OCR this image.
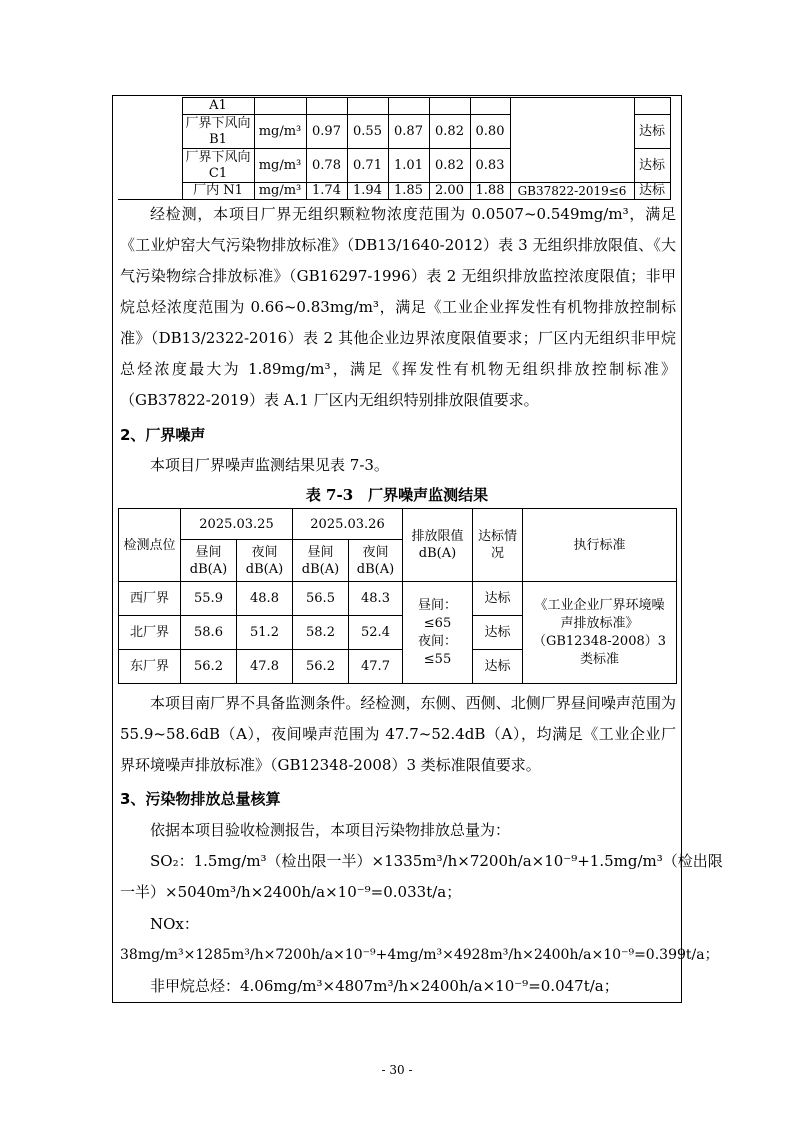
	A1								
	厂界下风向B1	mg/m³	0.97	0.55	0.87	0.82	0.80		达标
	厂界下风向C1	mg/m³	0.78	0.71	1.01	0.82	0.83		达标
	厂内 N1	mg/m³	1.74	1.94	1.85	2.00	1.88	GB37822-2019≤6	达标

经检测，本项目厂界无组织颗粒物浓度范围为 0.0507~0.549mg/m³，满足《工业炉窑大气污染物排放标准》（DB13/1640-2012）表 3 无组织排放限值、《大气污染物综合排放标准》（GB16297-1996）表 2 无组织排放监控浓度限值；非甲烷总烃浓度范围为 0.66~0.83mg/m³，满足《工业企业挥发性有机物排放控制标准》（DB13/2322-2016）表 2 其他企业边界浓度限值要求；厂区内无组织非甲烷总烃浓度最大为 1.89mg/m³，满足《挥发性有机物无组织排放控制标准》（GB37822-2019）表 A.1 厂区内无组织特别排放限值要求。

2、厂界噪声

本项目厂界噪声监测结果见表 7-3。

表 7-3　厂界噪声监测结果
检测点位	2025.03.25		2025.03.26		排放限值dB(A)	达标情况	执行标准
	昼间dB(A)	夜间dB(A)	昼间dB(A)	夜间dB(A)			
西厂界	55.9	48.8	56.5	48.3	昼间：≤65
夜间：≤55	达标	《工业企业厂界环境噪声排放标准》（GB12348-2008）3 类标准
北厂界	58.6	51.2	58.2	52.4		达标	
东厂界	56.2	47.8	56.2	47.7		达标	

本项目南厂界不具备监测条件。经检测，东侧、西侧、北侧厂界昼间噪声范围为 55.9~58.6dB（A），夜间噪声范围为 47.7~52.4dB（A），均满足《工业企业厂界环境噪声排放标准》（GB12348-2008）3 类标准限值要求。

3、污染物排放总量核算

依据本项目验收检测报告，本项目污染物排放总量为：

SO₂：1.5mg/m³（检出限一半）×1335m³/h×7200h/a×10⁻⁹+1.5mg/m³（检出限
一半）×5040m³/h×2400h/a×10⁻⁹=0.033t/a；
NOx：
38mg/m³×1285m³/h×7200h/a×10⁻⁹+4mg/m³×4928m³/h×2400h/a×10⁻⁹=0.399t/a；
非甲烷总烃：4.06mg/m³×4807m³/h×2400h/a×10⁻⁹=0.047t/a；
- 30 -
